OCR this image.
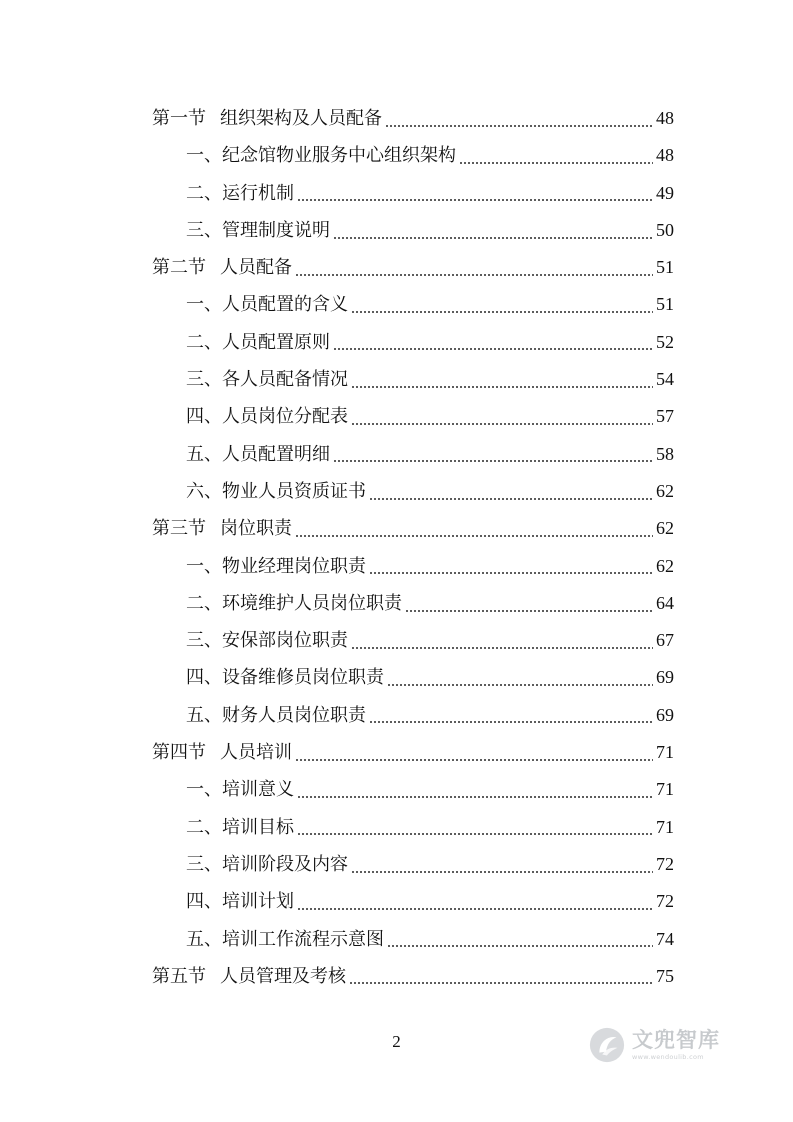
第一节 组织架构及人员配备	48
一、 纪念馆物业服务中心组织架构	48
二、 运行机制	49
三、 管理制度说明	50
第二节 人员配备	51
一、 人员配置的含义	51
二、 人员配置原则	52
三、 各人员配备情况	54
四、 人员岗位分配表	57
五、 人员配置明细	58
六、 物业人员资质证书	62
第三节 岗位职责	62
一、 物业经理岗位职责	62
二、 环境维护人员岗位职责	64
三、 安保部岗位职责	67
四、 设备维修员岗位职责	69
五、 财务人员岗位职责	69
第四节 人员培训	71
一、 培训意义	71
二、 培训目标	71
三、 培训阶段及内容	72
四、 培训计划	72
五、 培训工作流程示意图	74
第五节 人员管理及考核	75
2	文兜智库
www.wendoulib.com
